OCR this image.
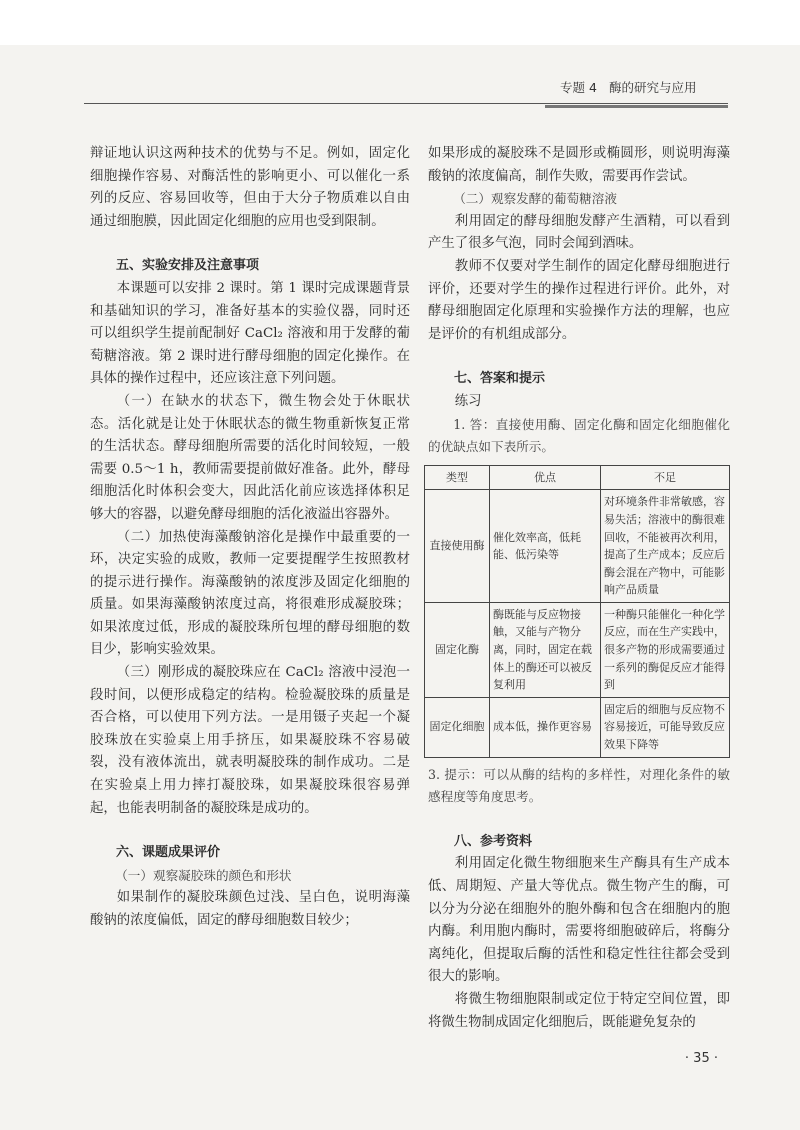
专题 4 酶的研究与应用

辩证地认识这两种技术的优势与不足。例如，固定化细胞操作容易、对酶活性的影响更小、可以催化一系列的反应、容易回收等，但由于大分子物质难以自由通过细胞膜，因此固定化细胞的应用也受到限制。

五、实验安排及注意事项

本课题可以安排 2 课时。第 1 课时完成课题背景和基础知识的学习，准备好基本的实验仪器，同时还可以组织学生提前配制好 CaCl₂ 溶液和用于发酵的葡萄糖溶液。第 2 课时进行酵母细胞的固定化操作。在具体的操作过程中，还应该注意下列问题。

（一）在缺水的状态下，微生物会处于休眠状态。活化就是让处于休眠状态的微生物重新恢复正常的生活状态。酵母细胞所需要的活化时间较短，一般需要 0.5～1 h，教师需要提前做好准备。此外，酵母细胞活化时体积会变大，因此活化前应该选择体积足够大的容器，以避免酵母细胞的活化液溢出容器外。

（二）加热使海藻酸钠溶化是操作中最重要的一环，决定实验的成败，教师一定要提醒学生按照教材的提示进行操作。海藻酸钠的浓度涉及固定化细胞的质量。如果海藻酸钠浓度过高，将很难形成凝胶珠；如果浓度过低，形成的凝胶珠所包埋的酵母细胞的数目少，影响实验效果。

（三）刚形成的凝胶珠应在 CaCl₂ 溶液中浸泡一段时间，以便形成稳定的结构。检验凝胶珠的质量是否合格，可以使用下列方法。一是用镊子夹起一个凝胶珠放在实验桌上用手挤压，如果凝胶珠不容易破裂，没有液体流出，就表明凝胶珠的制作成功。二是在实验桌上用力摔打凝胶珠，如果凝胶珠很容易弹起，也能表明制备的凝胶珠是成功的。

六、课题成果评价

（一）观察凝胶珠的颜色和形状

如果制作的凝胶珠颜色过浅、呈白色，说明海藻酸钠的浓度偏低，固定的酵母细胞数目较少；

如果形成的凝胶珠不是圆形或椭圆形，则说明海藻酸钠的浓度偏高，制作失败，需要再作尝试。

（二）观察发酵的葡萄糖溶液

利用固定的酵母细胞发酵产生酒精，可以看到产生了很多气泡，同时会闻到酒味。

教师不仅要对学生制作的固定化酵母细胞进行评价，还要对学生的操作过程进行评价。此外，对酵母细胞固定化原理和实验操作方法的理解，也应是评价的有机组成部分。

七、答案和提示

练习

1. 答：直接使用酶、固定化酶和固定化细胞催化的优缺点如下表所示。

类型	优点	不足
直接使用酶	催化效率高，低耗能、低污染等	对环境条件非常敏感，容易失活；溶液中的酶很难回收，不能被再次利用，提高了生产成本；反应后酶会混在产物中，可能影响产品质量
固定化酶	酶既能与反应物接触，又能与产物分离，同时，固定在载体上的酶还可以被反复利用	一种酶只能催化一种化学反应，而在生产实践中，很多产物的形成需要通过一系列的酶促反应才能得到
固定化细胞	成本低，操作更容易	固定后的细胞与反应物不容易接近，可能导致反应效果下降等

3. 提示：可以从酶的结构的多样性，对理化条件的敏感程度等角度思考。

八、参考资料

利用固定化微生物细胞来生产酶具有生产成本低、周期短、产量大等优点。微生物产生的酶，可以分为分泌在细胞外的胞外酶和包含在细胞内的胞内酶。利用胞内酶时，需要将细胞破碎后，将酶分离纯化，但提取后酶的活性和稳定性往往都会受到很大的影响。

将微生物细胞限制或定位于特定空间位置，即将微生物制成固定化细胞后，既能避免复杂的

· 35 ·
